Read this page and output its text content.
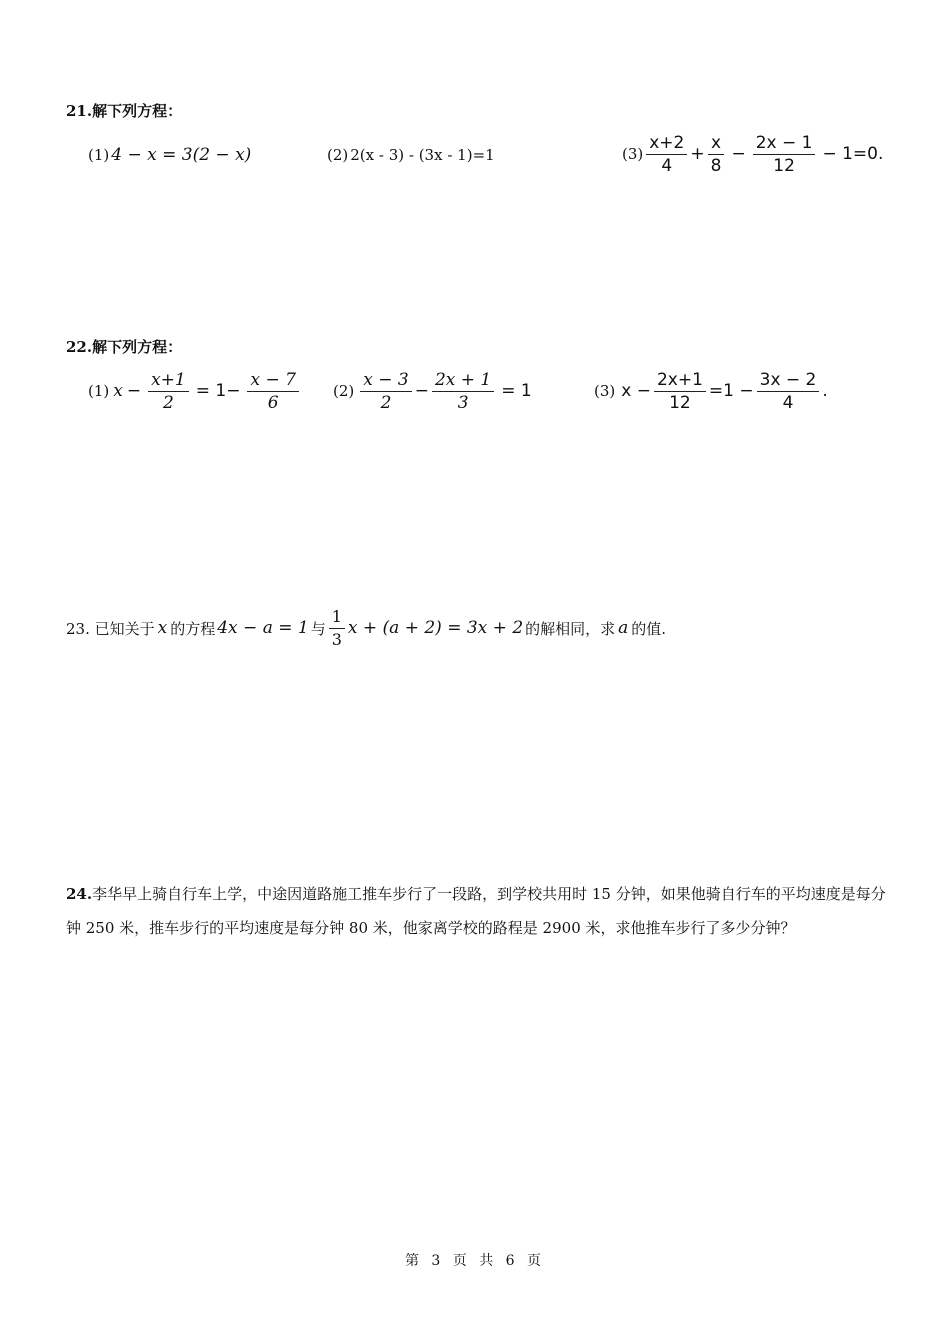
21.解下列方程：
(1) 4 − x = 3(2 − x)	(2) 2(x - 3) - (3x - 1)=1	$(3) \frac{x+2}{4} + \frac{x}{8} - \frac{2x - 1}{12} - 1=0$.
22.解下列方程：
(1) $x - \frac{x+1}{2} = 1- \frac{x - 7}{6} (2) \frac{x - 3}{2} - \frac{2x + 1}{3} = 1$	(3) $x - \frac{2x+1}{12} =1 - \frac{3x - 2}{4}$ .
23. 已知关于 x 的方程 4x − a = 1 与 $\frac{1}{3}$ x + (a + 2) = 3x + 2 的解相同，求 a 的值.
24.李华早上骑自行车上学，中途因道路施工推车步行了一段路，到学校共用时 15 分钟，如果他骑自行车的平均速度是每分钟 250 米，推车步行的平均速度是每分钟 80 米，他家离学校的路程是 2900 米，求他推车步行了多少分钟？
第 3 页 共 6 页
